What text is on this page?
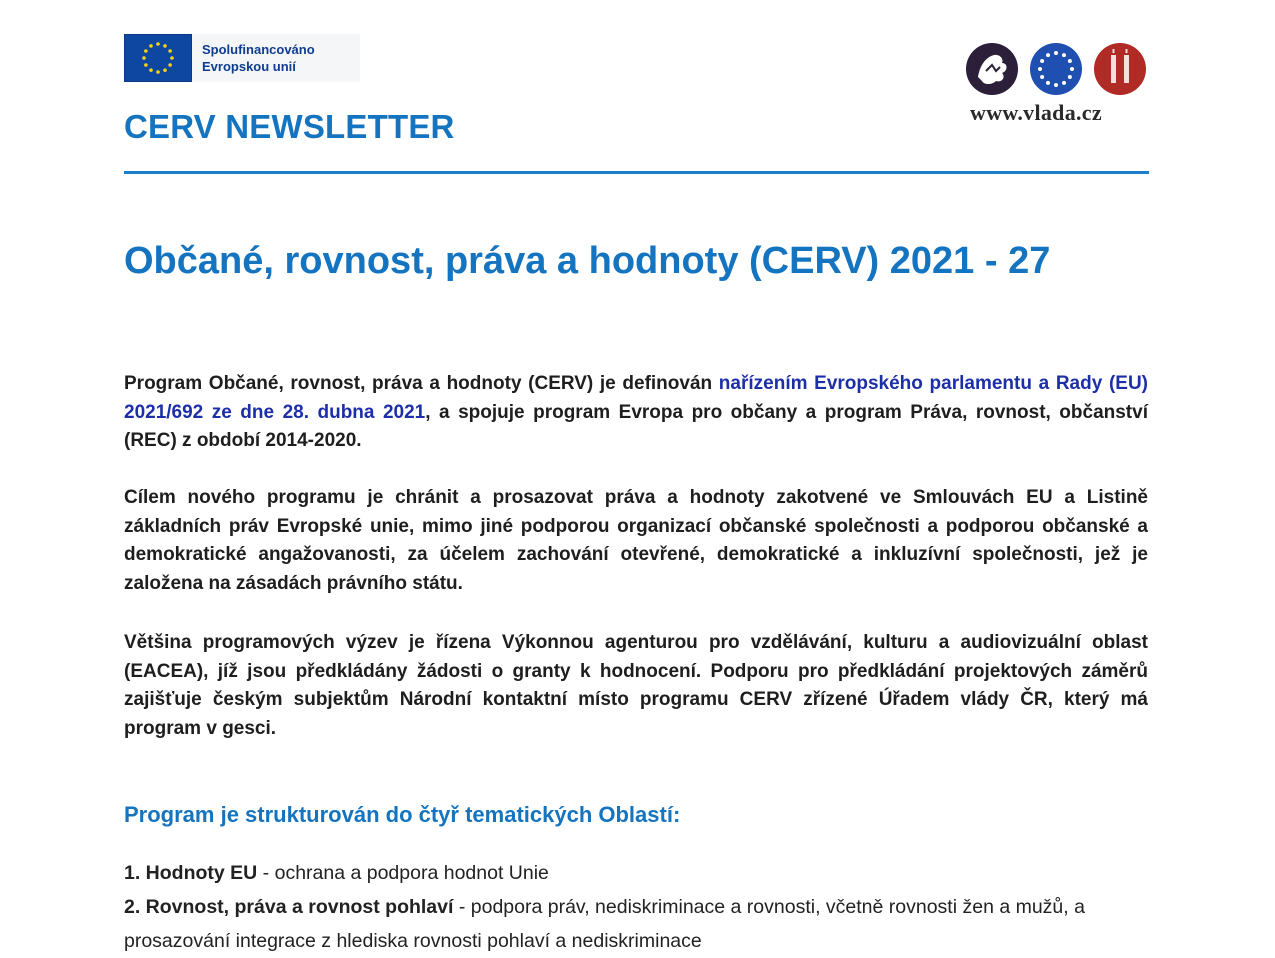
Spolufinancováno
Evropskou unií
www.vlada.cz
CERV NEWSLETTER
Občané, rovnost, práva a hodnoty (CERV) 2021 - 27

Program Občané, rovnost, práva a hodnoty (CERV) je definován nařízením Evropského parlamentu a Rady (EU) 2021/692 ze dne 28. dubna 2021, a spojuje program Evropa pro občany a program Práva, rovnost, občanství (REC) z období 2014-2020.

Cílem nového programu je chránit a prosazovat práva a hodnoty zakotvené ve Smlouvách EU a Listině základních práv Evropské unie, mimo jiné podporou organizací občanské společnosti a podporou občanské a demokratické angažovanosti, za účelem zachování otevřené, demokratické a inkluzívní společnosti, jež je založena na zásadách právního státu.

Většina programových výzev je řízena Výkonnou agenturou pro vzdělávání, kulturu a audiovizuální oblast (EACEA), jíž jsou předkládány žádosti o granty k hodnocení. Podporu pro předkládání projektových záměrů zajišťuje českým subjektům Národní kontaktní místo programu CERV zřízené Úřadem vlády ČR, který má program v gesci.

Program je strukturován do čtyř tematických Oblastí:
1. Hodnoty EU - ochrana a podpora hodnot Unie
2. Rovnost, práva a rovnost pohlaví - podpora práv, nediskriminace a rovnosti, včetně rovnosti žen a mužů, a prosazování integrace z hlediska rovnosti pohlaví a nediskriminace
